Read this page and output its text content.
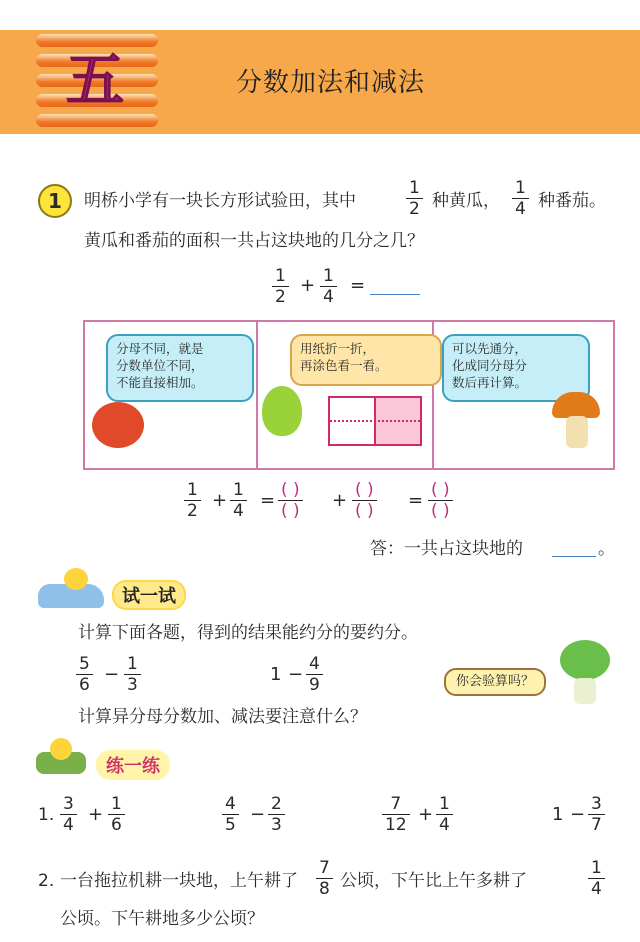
五	分数加法和减法
1	明桥小学有一块长方形试验田，其中	$\frac{1}{2}$ 种黄瓜， $\frac{1}{4}$ 种番茄。
黄瓜和番茄的面积一共占这块地的几分之几？
$\frac{1}{2} + \frac{1}{4}$ =
分母不同，就是
分数单位不同，
不能直接相加。
用纸折一折，
再涂色看一看。
可以先通分，
化成同分母分
数后再计算。
$\frac{1}{2} + \frac{1}{4}$ = ( )
( ) + ( )
( ) = ( )
( )
答：一共占这块地的	。
试一试
计算下面各题，得到的结果能约分的要约分。
$\frac{5}{6} - \frac{1}{3}$	$1 - \frac{4}{9}$	你会验算吗？
计算异分母分数加、减法要注意什么？
练一练
1. $\frac{3}{4} + \frac{1}{6}$	$\frac{4}{5} - \frac{2}{3}$	$\frac{7}{12} + \frac{1}{4}$	$1 - \frac{3}{7}$
2. 一台拖拉机耕一块地，上午耕了 $\frac{7}{8}$ 公顷，下午比上午多耕了	$\frac{1}{4}$
公顷。下午耕地多少公顷？
